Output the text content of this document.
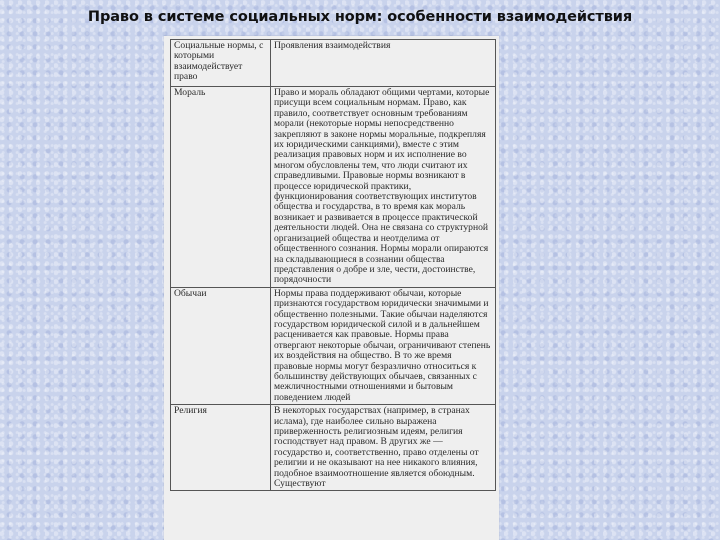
Право в системе социальных норм: особенности взаимодействия
Социальные нормы, с которыми взаимодействует право	Проявления взаимодействия

Мораль	Право и мораль обладают общими чертами, которые присущи всем социальным нормам. Право, как правило, соответствует основным требованиям морали (некоторые нормы непосредственно закрепляют в законе нормы моральные, подкрепляя их юридическими санкциями), вместе с этим реализация правовых норм и их исполнение во многом обусловлены тем, что люди считают их справедливыми. Правовые нормы возникают в процессе юридической практики, функционирования соответствующих институтов общества и государства, в то время как мораль возникает и развивается в процессе практической деятельности людей. Она не связана со структурной организацией общества и неотделима от общественного сознания. Нормы морали опираются на складывающиеся в сознании общества представления о добре и зле, чести, достоинстве, порядочности

Обычаи	Нормы права поддерживают обычаи, которые признаются государством юридически значимыми и общественно полезными. Такие обычаи наделяются государством юридической силой и в дальнейшем расценивается как правовые. Нормы права отвергают некоторые обычаи, ограничивают степень их воздействия на общество. В то же время правовые нормы могут безразлично относиться к большинству действующих обычаев, связанных с межличностными отношениями и бытовым поведением людей

Религия	В некоторых государствах (например, в странах ислама), где наиболее сильно выражена приверженность религиозным идеям, религия господствует над правом. В других же — государство и, соответственно, право отделены от религии и не оказывают на нее никакого влияния, подобное взаимоотношение является обоюдным. Существуют
